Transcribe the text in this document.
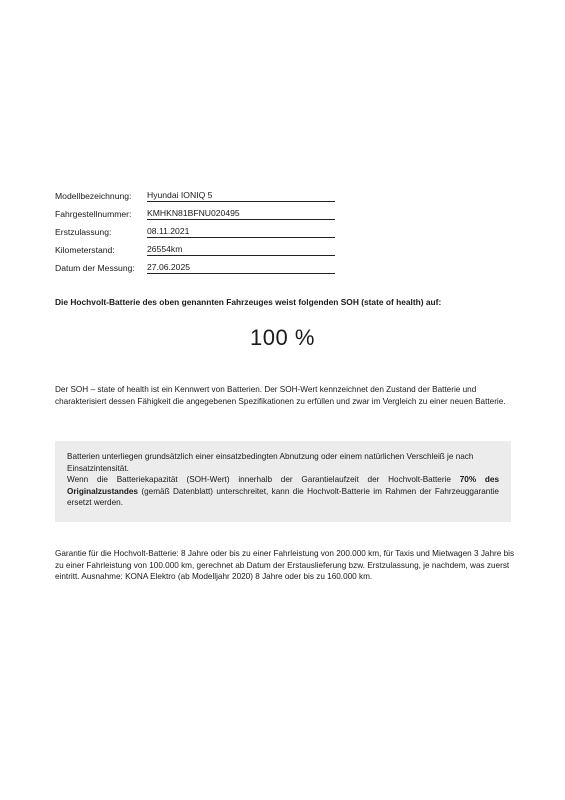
Modellbezeichnung:	Hyundai IONIQ 5
Fahrgestellnummer:	KMHKN81BFNU020495
Erstzulassung:	08.11.2021
Kilometerstand:	26554km
Datum der Messung:	27.06.2025
Die Hochvolt-Batterie des oben genannten Fahrzeuges weist folgenden SOH (state of health) auf:
100 %
Der SOH – state of health ist ein Kennwert von Batterien. Der SOH-Wert kennzeichnet den Zustand der Batterie und charakterisiert dessen Fähigkeit die angegebenen Spezifikationen zu erfüllen und zwar im Vergleich zu einer neuen Batterie.

Batterien unterliegen grundsätzlich einer einsatzbedingten Abnutzung oder einem natürlichen Verschleiß je nach Einsatzintensität.

Wenn die Batteriekapazität (SOH-Wert) innerhalb der Garantielaufzeit der Hochvolt-Batterie 70% des Originalzustandes (gemäß Datenblatt) unterschreitet, kann die Hochvolt-Batterie im Rahmen der Fahrzeuggarantie ersetzt werden.

Garantie für die Hochvolt-Batterie: 8 Jahre oder bis zu einer Fahrleistung von 200.000 km, für Taxis und Mietwagen 3 Jahre bis zu einer Fahrleistung von 100.000 km, gerechnet ab Datum der Erstauslieferung bzw. Erstzulassung, je nachdem, was zuerst eintritt. Ausnahme: KONA Elektro (ab Modelljahr 2020) 8 Jahre oder bis zu 160.000 km.
